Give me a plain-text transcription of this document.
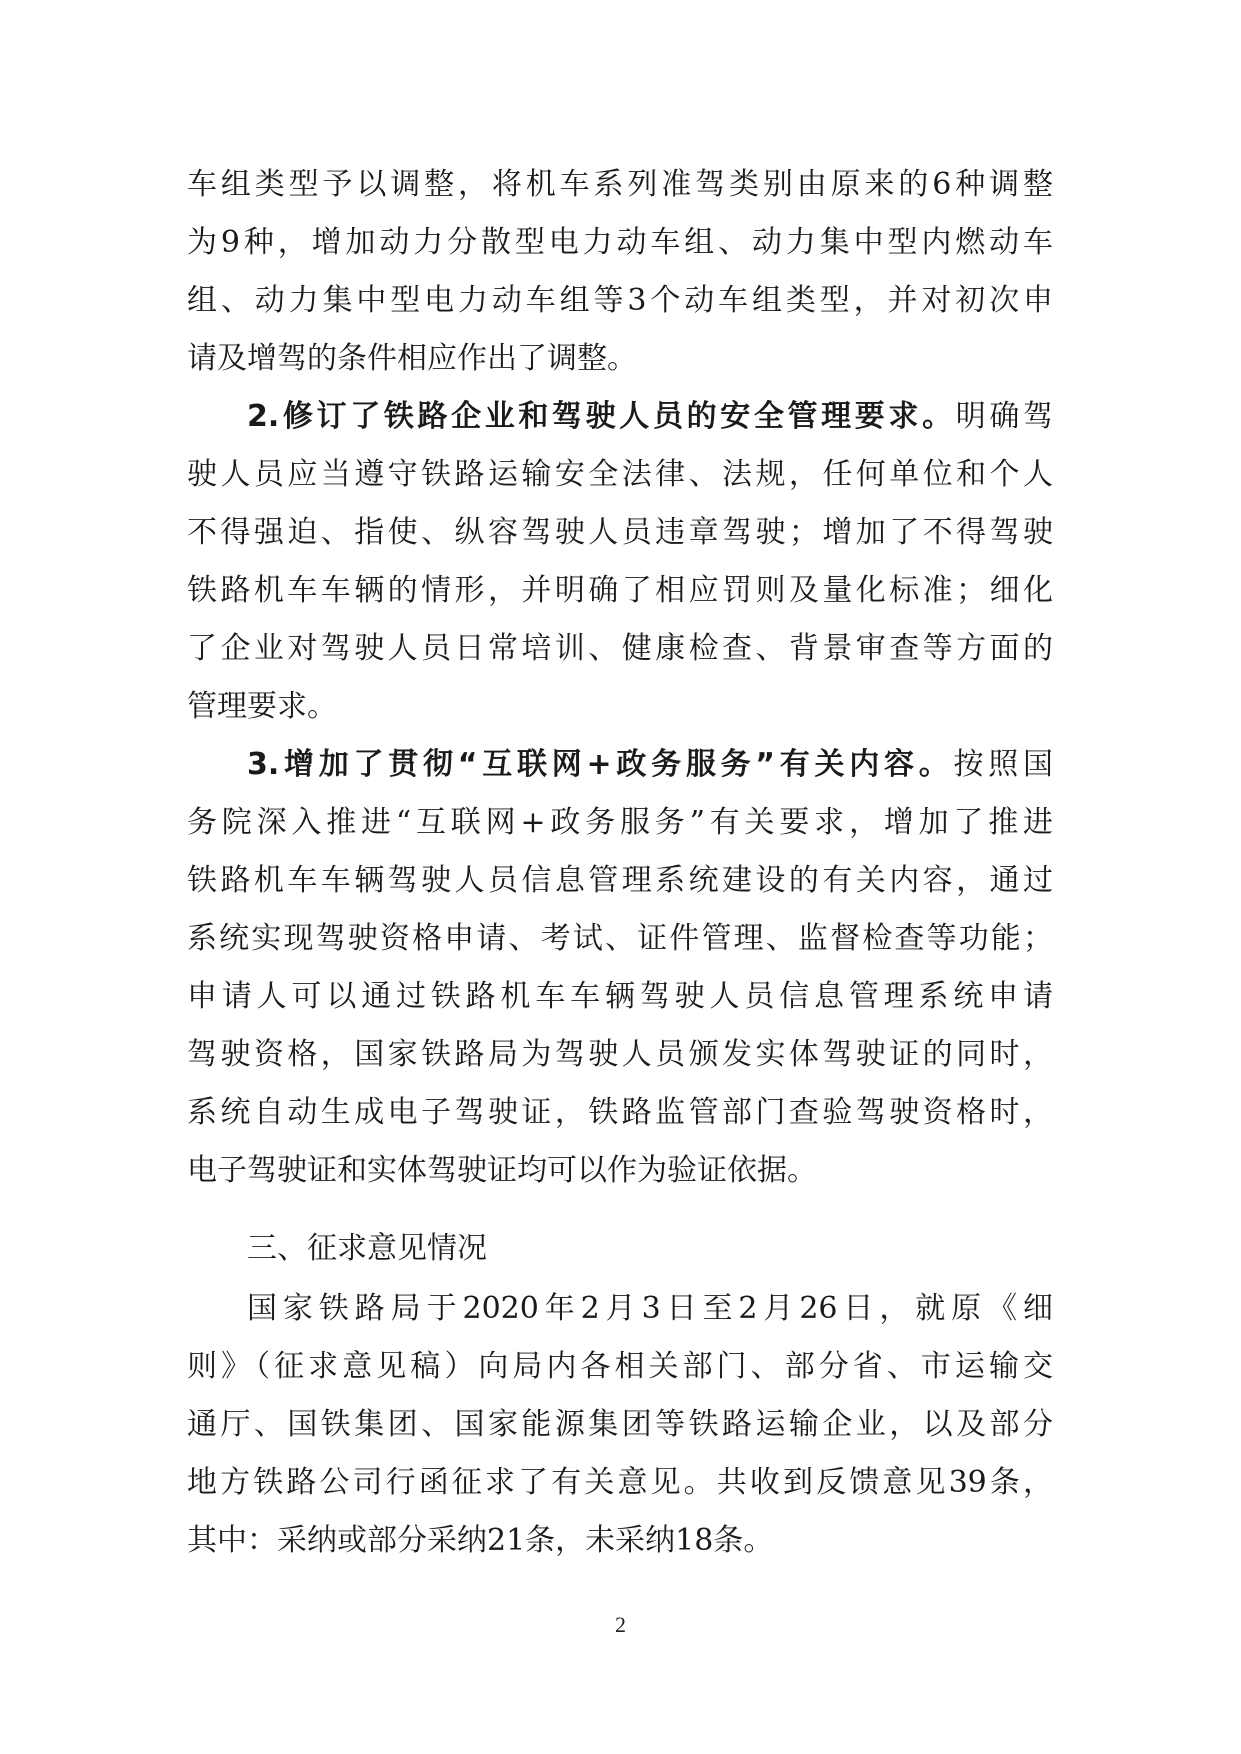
车组类型予以调整，将机车系列准驾类别由原来的6种调整
为9种，增加动力分散型电力动车组、动力集中型内燃动车
组、动力集中型电力动车组等3个动车组类型，并对初次申
请及增驾的条件相应作出了调整。
2.修订了铁路企业和驾驶人员的安全管理要求。明确驾
驶人员应当遵守铁路运输安全法律、法规，任何单位和个人
不得强迫、指使、纵容驾驶人员违章驾驶；增加了不得驾驶
铁路机车车辆的情形，并明确了相应罚则及量化标准；细化
了企业对驾驶人员日常培训、健康检查、背景审查等方面的
管理要求。
3.增加了贯彻“互联网+政务服务”有关内容。按照国
务院深入推进“互联网+政务服务”有关要求，增加了推进
铁路机车车辆驾驶人员信息管理系统建设的有关内容，通过
系统实现驾驶资格申请、考试、证件管理、监督检查等功能；
申请人可以通过铁路机车车辆驾驶人员信息管理系统申请
驾驶资格，国家铁路局为驾驶人员颁发实体驾驶证的同时，
系统自动生成电子驾驶证，铁路监管部门查验驾驶资格时，
电子驾驶证和实体驾驶证均可以作为验证依据。
三、征求意见情况
国家铁路局于2020年2月3日至2月26日，就原《细
则》（征求意见稿）向局内各相关部门、部分省、市运输交
通厅、国铁集团、国家能源集团等铁路运输企业，以及部分
地方铁路公司行函征求了有关意见。共收到反馈意见39条，
其中：采纳或部分采纳21条，未采纳18条。
2
